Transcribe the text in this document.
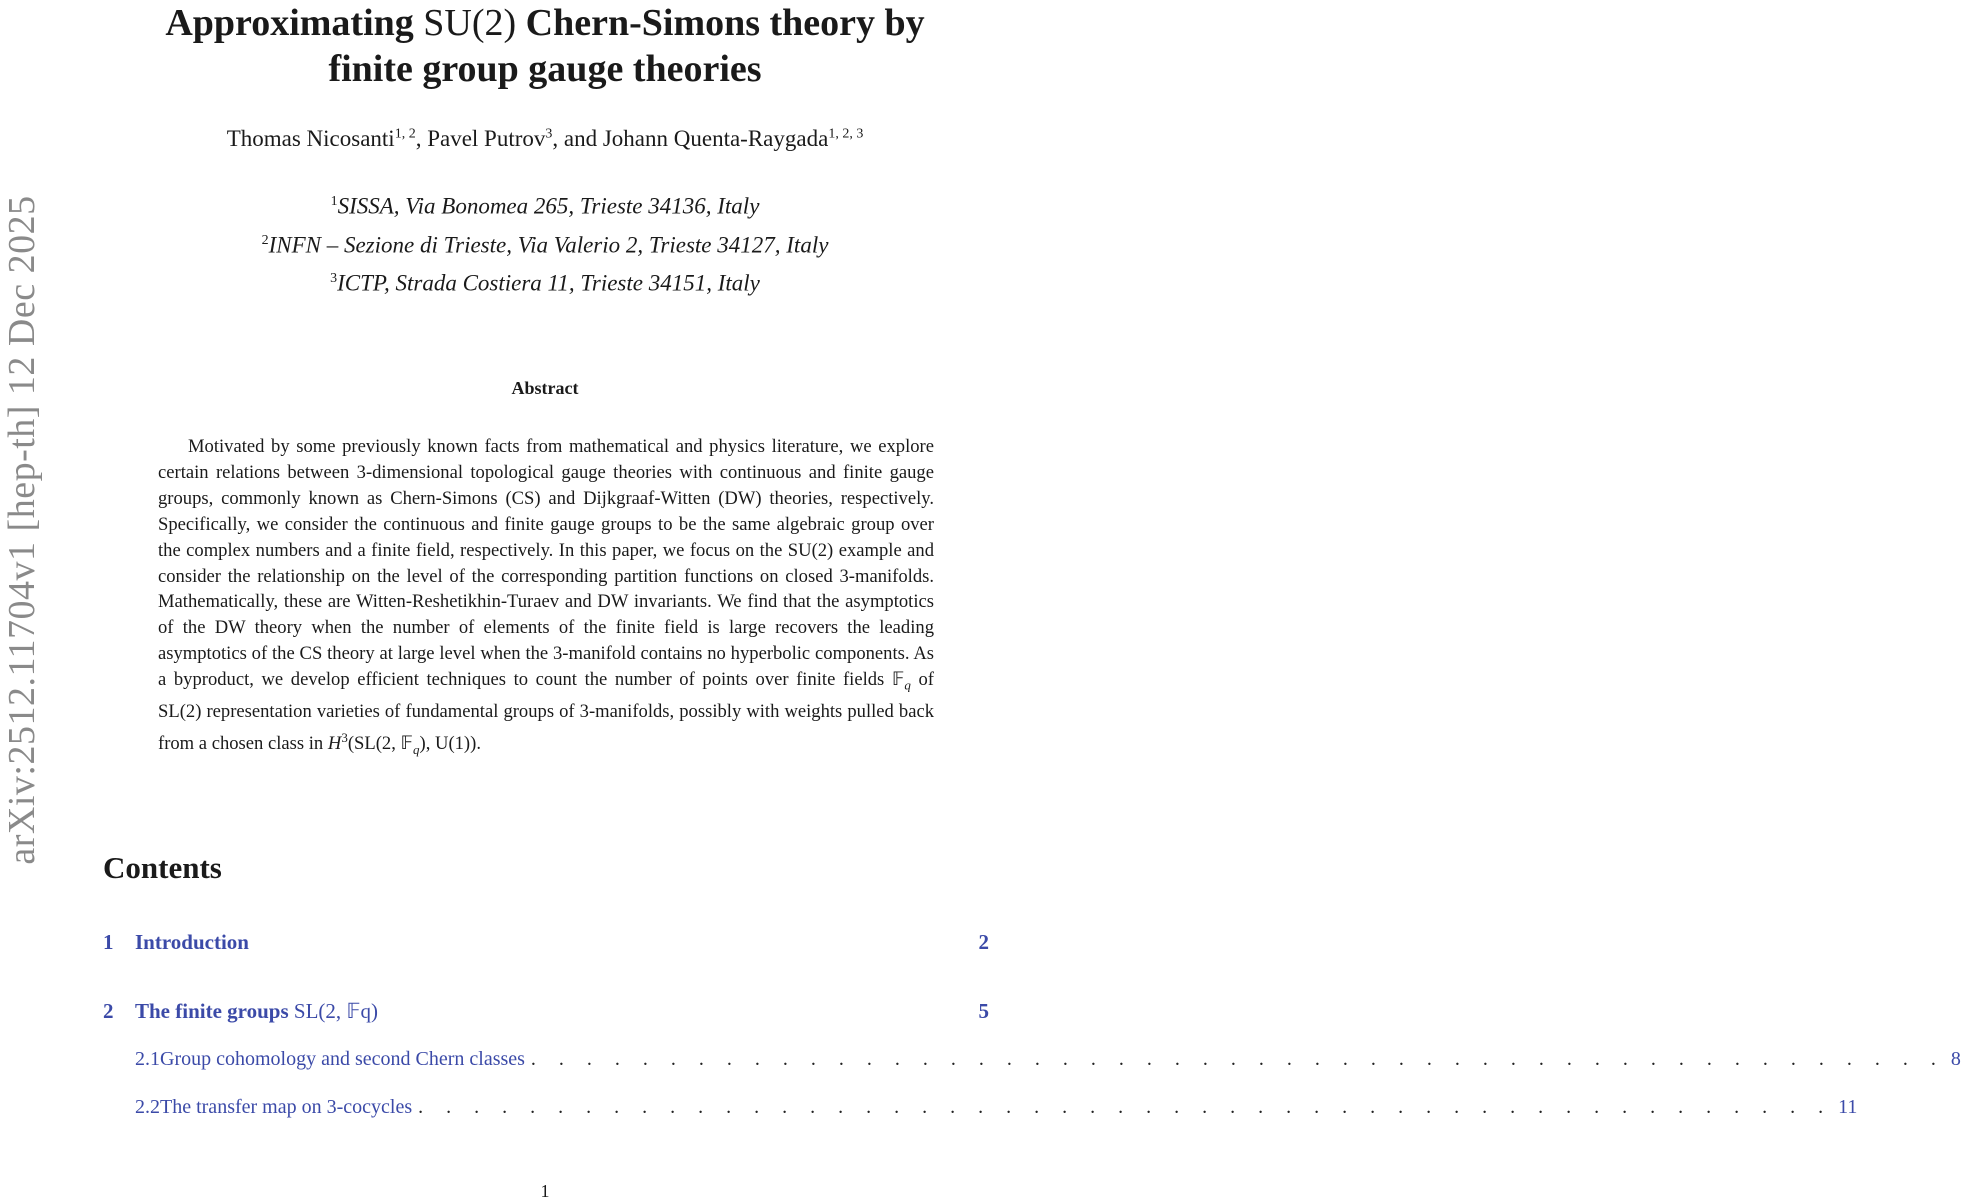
arXiv:2512.11704v1 [hep-th] 12 Dec 2025
Approximating SU(2) Chern-Simons theory by
finite group gauge theories
Thomas Nicosanti$^{1, 2}$, Pavel Putrov$^3$, and Johann Quenta-Raygada$^{1, 2, 3}$
$^1$SISSA, Via Bonomea 265, Trieste 34136, Italy
$^2$INFN – Sezione di Trieste, Via Valerio 2, Trieste 34127, Italy
$^3$ICTP, Strada Costiera 11, Trieste 34151, Italy
Abstract

Motivated by some previously known facts from mathematical and physics literature, we explore certain relations between 3-dimensional topological gauge theories with continuous and finite gauge groups, commonly known as Chern-Simons (CS) and Dijkgraaf-Witten (DW) theories, respectively. Specifically, we consider the continuous and finite gauge groups to be the same algebraic group over the complex numbers and a finite field, respectively. In this paper, we focus on the SU(2) example and consider the relationship on the level of the corresponding partition functions on closed 3-manifolds. Mathematically, these are Witten-Reshetikhin-Turaev and DW invariants. We find that the asymptotics of the DW theory when the number of elements of the finite field is large recovers the leading asymptotics of the CS theory at large level when the 3-manifold contains no hyperbolic components. As a byproduct, we develop efficient techniques to count the number of points over finite fields 𝔽$_q$ of SL(2) representation varieties of fundamental groups of 3-manifolds, possibly with weights pulled back from a chosen class in $H^3(SL(2$, 𝔽$_q$), U(1)).

Contents
1	Introduction	2
2	The finite groups SL(2, 𝔽q)	5
2.1 Group cohomology and second Chern classes . . . . . . . . . . . . . . . . . . . . . . . . . . . . . . . . . . . . . . . . . . . . . . . . . . . 8
2.2 The transfer map on 3-cocycles . . . . . . . . . . . . . . . . . . . . . . . . . . . . . . . . . . . . . . . . . . . . . . . . . . . 11
1
